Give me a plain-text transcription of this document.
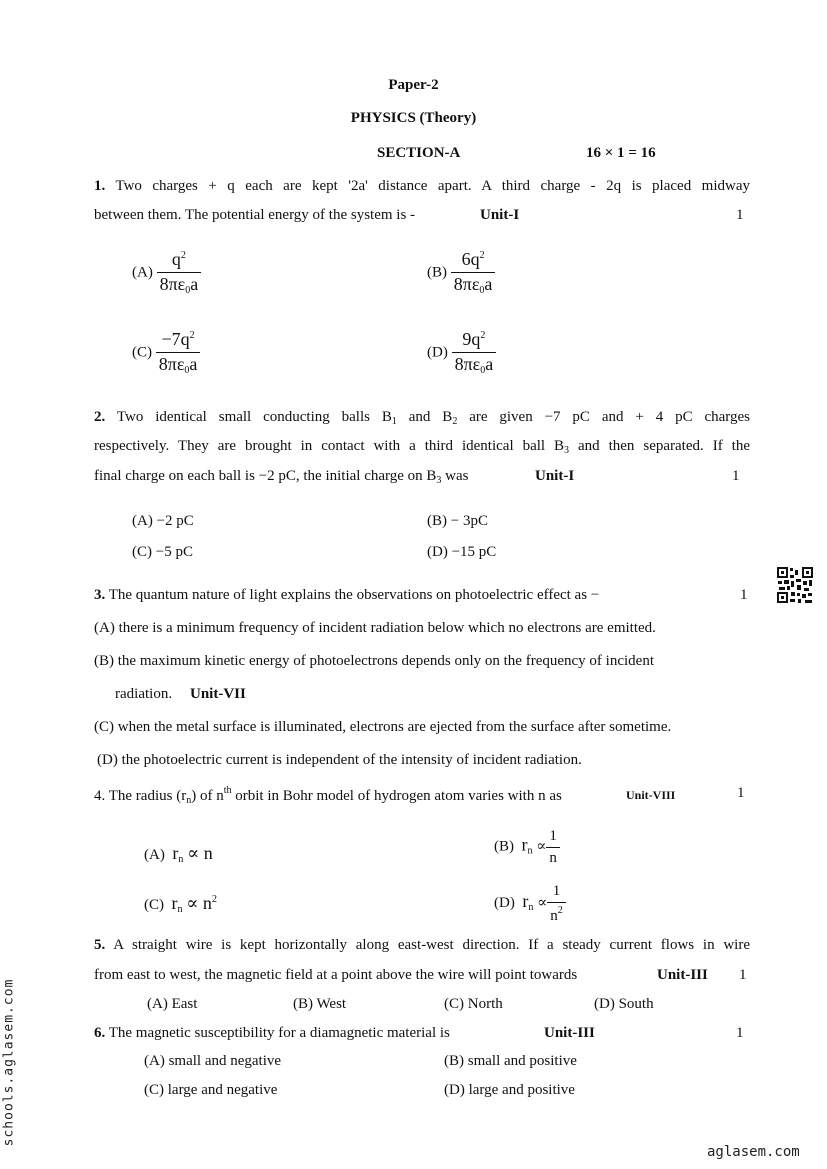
Paper-2
PHYSICS (Theory)
SECTION-A	16 × 1 = 16
1. Two charges + q each are kept '2a' distance apart. A third charge - 2q is placed midway
between them. The potential energy of the system is -	Unit-I	1
$(A) \frac{q^2}{8\pi\varepsilon_0a}$	$(B) \frac{6q^2}{8\pi\varepsilon_0a}$
$(C) \frac{-7q^2}{8\pi\varepsilon_0a}$	$(D) \frac{9q^2}{8\pi\varepsilon_0a}$
2. Two identical small conducting balls $B_1$ and $B_2$ are given −7 pC and + 4 pC charges
respectively. They are brought in contact with a third identical ball $B_3$ and then separated. If the
final charge on each ball is −2 pC, the initial charge on $B_3$ was	Unit-I	1
(A) −2 pC	(B) − 3pC
(C) −5 pC	(D) −15 pC
3. The quantum nature of light explains the observations on photoelectric effect as −	1
(A) there is a minimum frequency of incident radiation below which no electrons are emitted.
(B) the maximum kinetic energy of photoelectrons depends only on the frequency of incident
radiation. Unit-VII
(C) when the metal surface is illuminated, electrons are ejected from the surface after sometime.
(D) the photoelectric current is independent of the intensity of incident radiation.
4. The radius $(r_n)$ of $n^{th}$ orbit in Bohr model of hydrogen atom varies with n as	Unit-VIII	1
(A) $r_n \propto n$	(B) $r_n \propto \frac{1}{n}$
(C) $r_n \propto n^2$	(D) $r_n \propto \frac{1}{n^2}$
5. A straight wire is kept horizontally along east-west direction. If a steady current flows in wire
from east to west, the magnetic field at a point above the wire will point towards	Unit-III 1
(A) East	(B) West	(C) North	(D) South
6. The magnetic susceptibility for a diamagnetic material is	Unit-III	1
(A) small and negative	(B) small and positive
(C) large and negative	(D) large and positive
schools.aglasem.com
aglasem.com
